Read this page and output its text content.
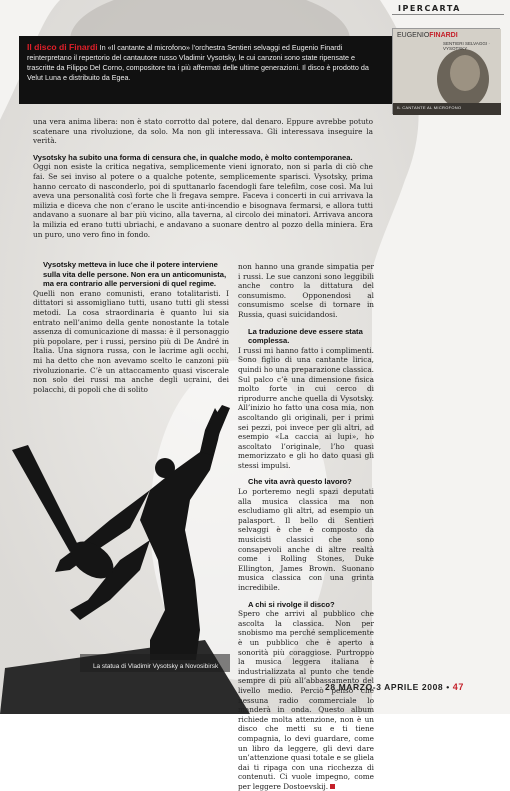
IPERCARTA
Il disco di Finardi In «Il cantante al microfono» l’orchestra Sentieri selvaggi ed Eugenio Finardi reinterpretano il repertorio del cantautore russo Vladimir Vysotsky, le cui canzoni sono state ripensate e trascritte da Filippo Del Corno, compositore tra i più affermati delle ultime generazioni. Il disco è prodotto da Velut Luna e distribuito da Egea.
EUGENIOFINARDI
SENTIERI SELVAGGI · VYSOTSKY
IL CANTANTE AL MICROFONO

una vera anima libera: non è stato corrotto dal potere, dal denaro. Eppure avrebbe potuto scatenare una rivoluzione, da solo. Ma non gli interessava. Gli interessava inseguire la verità.

Vysotsky ha subito una forma di censura che, in qualche modo, è molto contemporanea.

Oggi non esiste la critica negativa, semplicemente vieni ignorato, non si parla di ciò che fai. Se sei inviso al potere o a qualche potente, semplicemente sparisci. Vysotsky, prima hanno cercato di nasconderlo, poi di sputtanarlo facendogli fare telefilm, cose così. Ma lui aveva una personalità così forte che li fregava sempre. Faceva i concerti in cui arrivava la milizia e diceva che non c’erano le uscite anti-incendio e bisognava fermarsi, e allora tutti andavano a suonare al bar più vicino, alla taverna, al circolo dei minatori. Arrivava ancora la milizia ed erano tutti ubriachi, e andavano a suonare dentro al pozzo della miniera. Era un puro, uno vero fino in fondo.

Vysotsky metteva in luce che il potere interviene sulla vita delle persone. Non era un anticomunista, ma era contrario alle perversioni di quel regime.

Quelli non erano comunisti, erano totalitaristi. I dittatori si assomigliano tutti, usano tutti gli stessi metodi. La cosa straordinaria è quanto lui sia entrato nell’animo della gente nonostante la totale assenza di comunicazione di massa: è il personaggio più popolare, per i russi, persino più di De André in Italia. Una signora russa, con le lacrime agli occhi, mi ha detto che non avevamo scelto le canzoni più rivoluzionarie. C’è un attaccamento quasi viscerale non solo dei russi ma anche degli ucraini, dei polacchi, di popoli che di solito

non hanno una grande simpatia per i russi. Le sue canzoni sono leggibili anche contro la dittatura del consumismo. Opponendosi al consumismo scelse di tornare in Russia, quasi suicidandosi.

La traduzione deve essere stata complessa.

I russi mi hanno fatto i complimenti. Sono figlio di una cantante lirica, quindi ho una preparazione classica. Sul palco c’è una dimensione fisica molto forte in cui cerco di riprodurre anche quella di Vysotsky. All’inizio ho fatto una cosa mia, non ascoltando gli originali, per i primi sei pezzi, poi invece per gli altri, ad esempio «La caccia ai lupi», ho ascoltato l’originale, l’ho quasi memorizzato e gli ho dato quasi gli stessi impulsi.

Che vita avrà questo lavoro?

Lo porteremo negli spazi deputati alla musica classica ma non escludiamo gli altri, ad esempio un palasport. Il bello di Sentieri selvaggi è che è composto da musicisti classici che sono consapevoli anche di altre realtà come i Rolling Stones, Duke Ellington, James Brown. Suonano musica classica con una grinta incredibile.

A chi si rivolge il disco?

Spero che arrivi al pubblico che ascolta la classica. Non per snobismo ma perché semplicemente è un pubblico che è aperto a sonorità più coraggiose. Purtroppo la musica leggera italiana è industrializzata al punto che tende sempre di più all’abbassamento del livello medio. Perciò penso che nessuna radio commerciale lo manderà in onda. Questo album richiede molta attenzione, non è un disco che metti su e ti tiene compagnia, lo devi guardare, come un libro da leggere, gli devi dare un’attenzione quasi totale e se gliela dai ti ripaga con una ricchezza di contenuti. Ci vuole impegno, come per leggere Dostoevskij.

La statua di Vladimir Vysotsky a Novosibirsk
28 MARZO-3 APRILE 2008 • 47
